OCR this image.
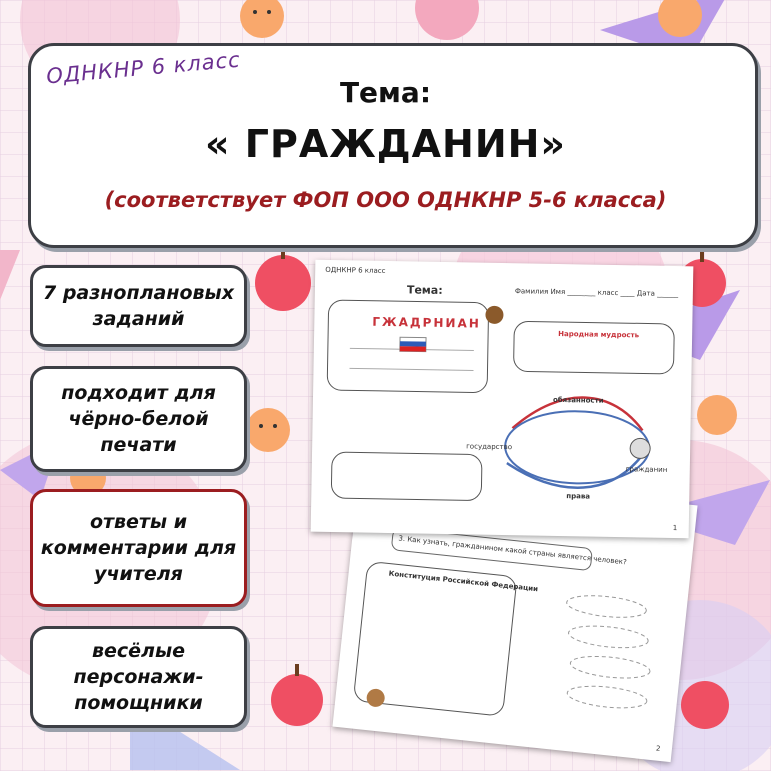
ОДНКНР 6 класс
Тема:
« ГРАЖДАНИН»
(соответствует ФОП ООО ОДНКНР 5-6 класса)
7 разноплановых заданий
подходит для чёрно-белой печати
ответы и комментарии для учителя
весёлые персонажи-помощники
3. Как узнать, гражданином какой страны является человек?
Конституция Российской Федерации
2
ОДНКНР 6 класс
Тема:	Фамилия Имя ________ класс ____ Дата ______
ГЖАДРНИАН
Народная мудрость
обязанности
государство
гражданин
права
1
